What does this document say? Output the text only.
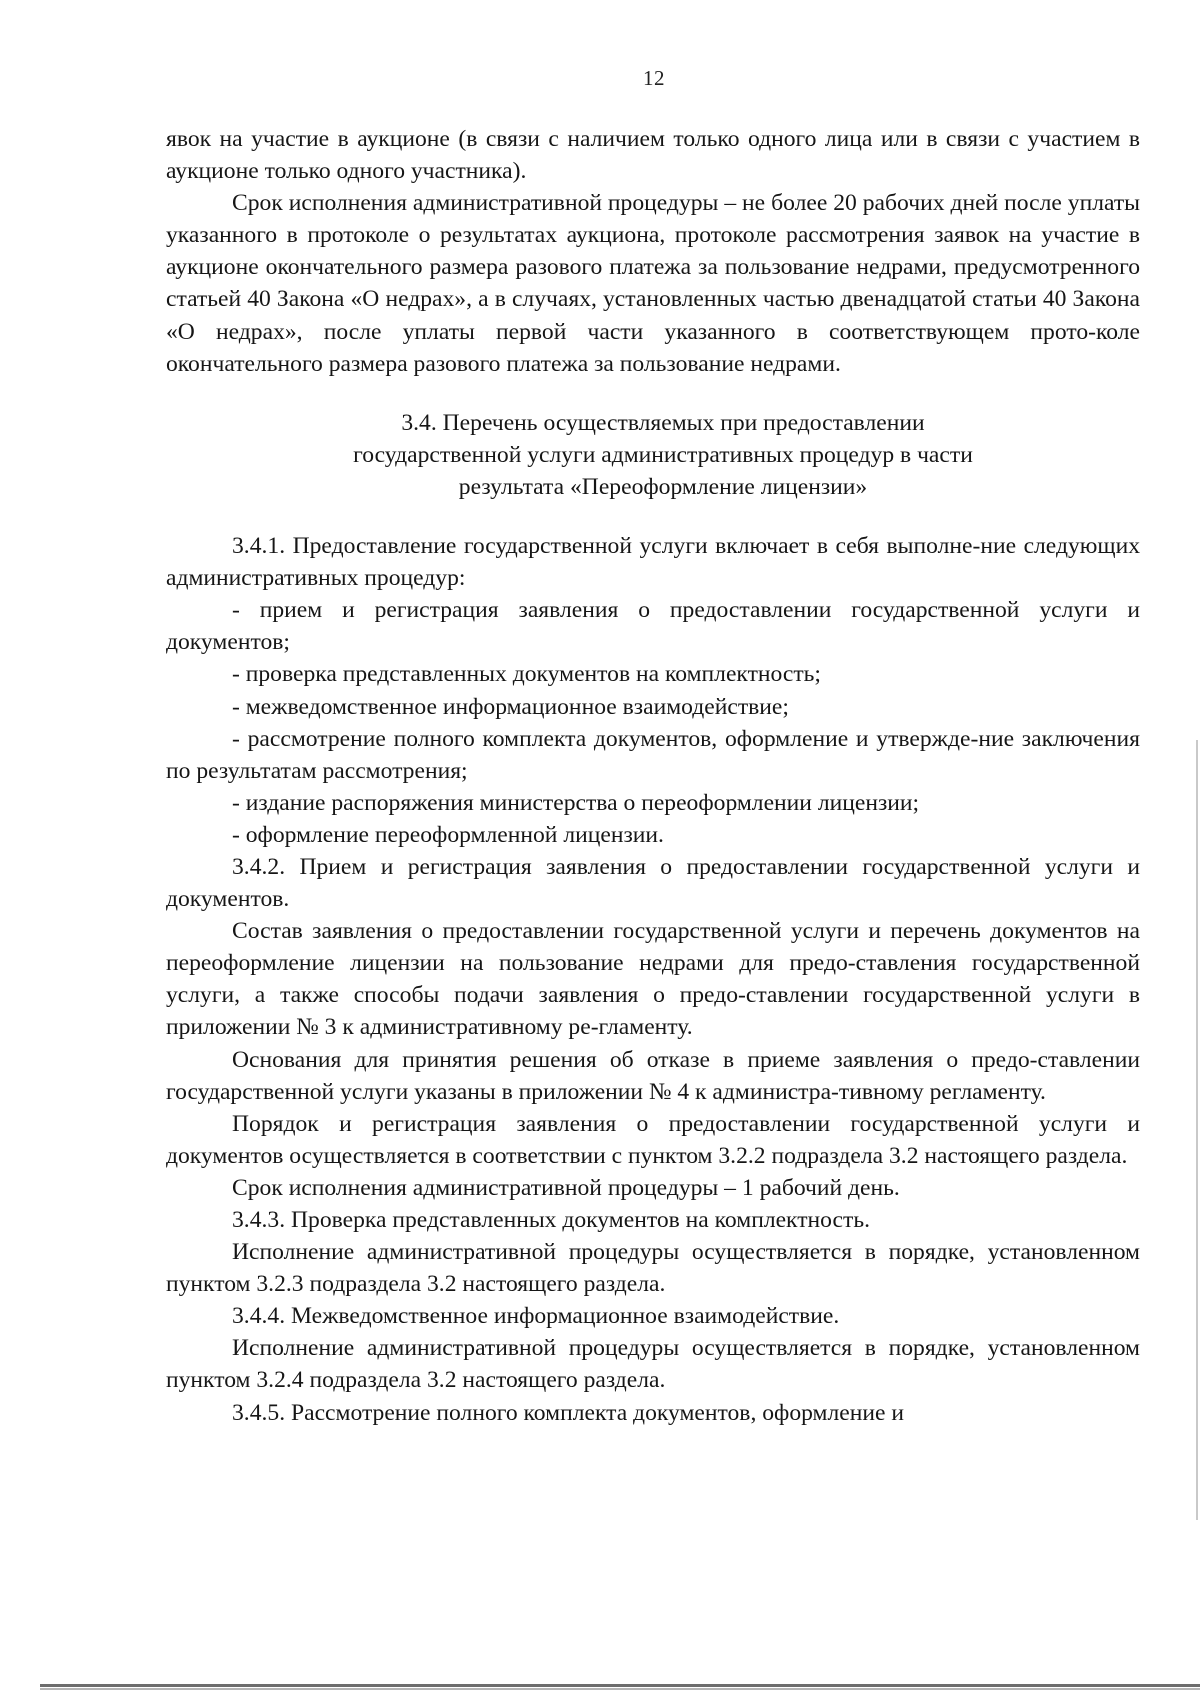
12

явок на участие в аукционе (в связи с наличием только одного лица или в связи с участием в аукционе только одного участника).

Срок исполнения административной процедуры – не более 20 рабочих дней после уплаты указанного в протоколе о результатах аукциона, протоколе рассмотрения заявок на участие в аукционе окончательного размера разового платежа за пользование недрами, предусмотренного статьей 40 Закона «О недрах», а в случаях, установленных частью двенадцатой статьи 40 Закона «О недрах», после уплаты первой части указанного в соответствующем прото-коле окончательного размера разового платежа за пользование недрами.

3.4. Перечень осуществляемых при предоставлении
государственной услуги административных процедур в части
результата «Переоформление лицензии»

3.4.1. Предоставление государственной услуги включает в себя выполне-ние следующих административных процедур:

- прием и регистрация заявления о предоставлении государственной услуги и документов;

- проверка представленных документов на комплектность;

- межведомственное информационное взаимодействие;

- рассмотрение полного комплекта документов, оформление и утвержде-ние заключения по результатам рассмотрения;

- издание распоряжения министерства о переоформлении лицензии;

- оформление переоформленной лицензии.

3.4.2. Прием и регистрация заявления о предоставлении государственной услуги и документов.

Состав заявления о предоставлении государственной услуги и перечень документов на переоформление лицензии на пользование недрами для предо-ставления государственной услуги, а также способы подачи заявления о предо-ставлении государственной услуги в приложении № 3 к административному ре-гламенту.

Основания для принятия решения об отказе в приеме заявления о предо-ставлении государственной услуги указаны в приложении № 4 к администра-тивному регламенту.

Порядок и регистрация заявления о предоставлении государственной услуги и документов осуществляется в соответствии с пунктом 3.2.2 подраздела 3.2 настоящего раздела.

Срок исполнения административной процедуры – 1 рабочий день.

3.4.3. Проверка представленных документов на комплектность.

Исполнение административной процедуры осуществляется в порядке, установленном пунктом 3.2.3 подраздела 3.2 настоящего раздела.

3.4.4. Межведомственное информационное взаимодействие.

Исполнение административной процедуры осуществляется в порядке, установленном пунктом 3.2.4 подраздела 3.2 настоящего раздела.

3.4.5. Рассмотрение полного комплекта документов, оформление и
